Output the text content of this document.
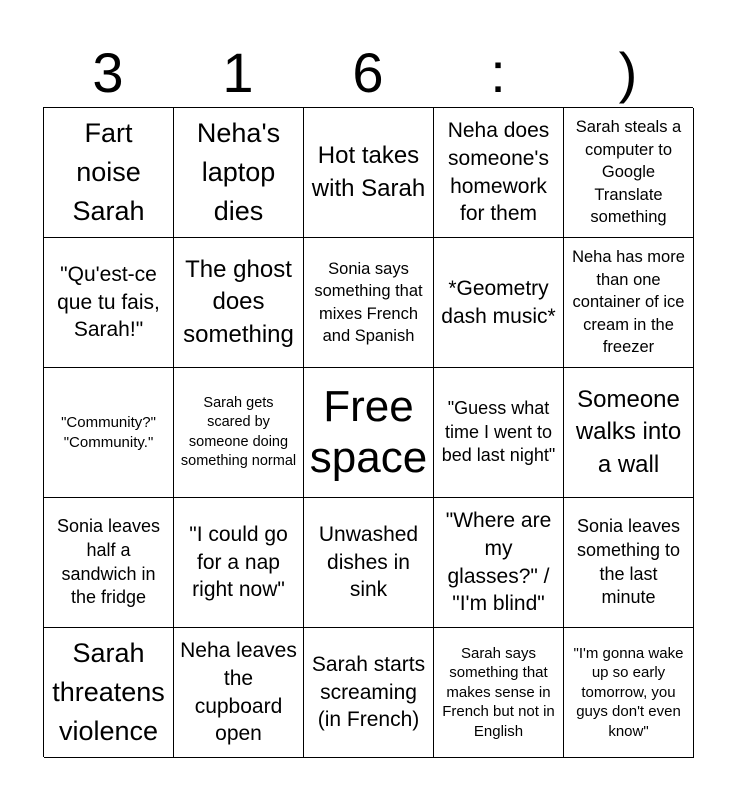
3	1	6	:	)
Fart noise Sarah
Neha's laptop dies
Hot takes with Sarah
Neha does someone's homework for them
Sarah steals a computer to Google Translate something
"Qu'est-ce que tu fais, Sarah!"
The ghost does something
Sonia says something that mixes French and Spanish
*Geometry dash music*
Neha has more than one container of ice cream in the freezer
"Community?" "Community."
Sarah gets scared by someone doing something normal
Free space
"Guess what time I went to bed last night"
Someone walks into a wall
Sonia leaves half a sandwich in the fridge
"I could go for a nap right now"
Unwashed dishes in sink
"Where are my glasses?" / "I'm blind"
Sonia leaves something to the last minute
Sarah threatens violence
Neha leaves the cupboard open
Sarah starts screaming (in French)
Sarah says something that makes sense in French but not in English
"I'm gonna wake up so early tomorrow, you guys don't even know"
